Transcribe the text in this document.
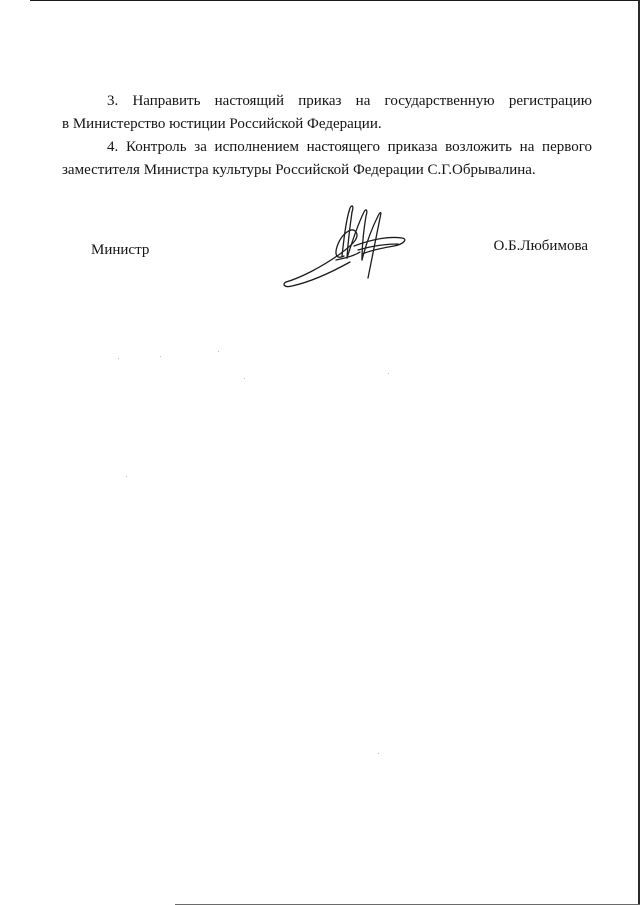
3. Направить настоящий приказ на государственную регистрацию
в Министерство юстиции Российской Федерации.
4. Контроль за исполнением настоящего приказа возложить на первого
заместителя Министра культуры Российской Федерации С.Г.Обрывалина.
Министр	О.Б.Любимова
